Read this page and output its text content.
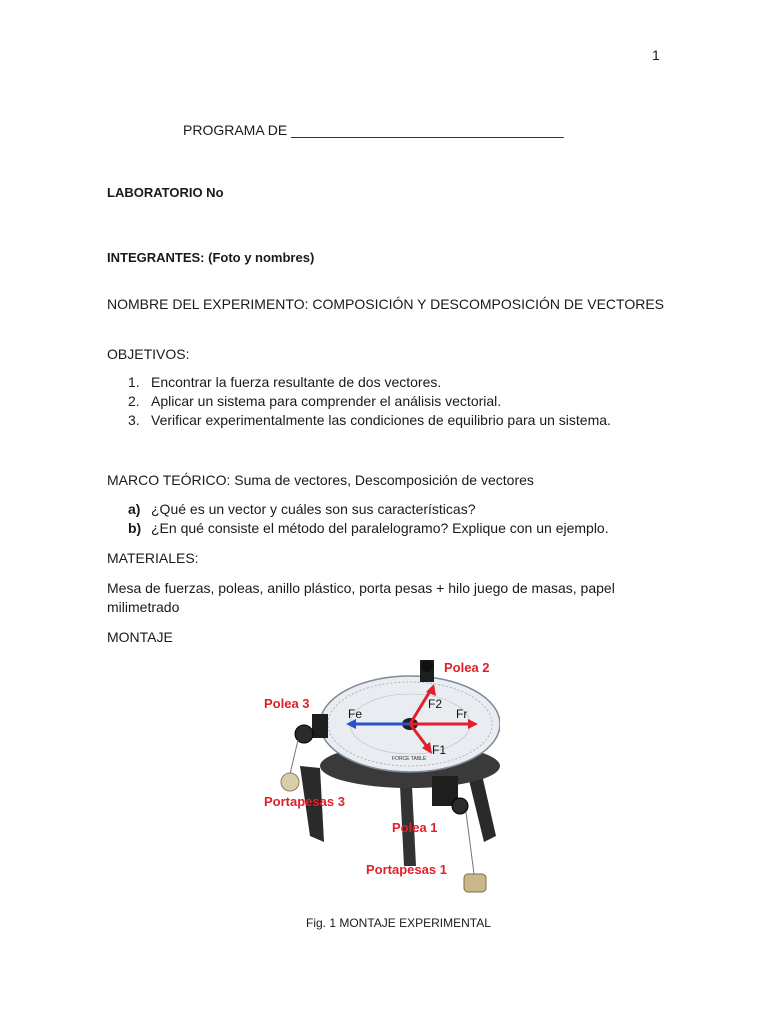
1
PROGRAMA DE ___________________________________
LABORATORIO No
INTEGRANTES: (Foto y nombres)
NOMBRE DEL EXPERIMENTO: COMPOSICIÓN Y DESCOMPOSICIÓN DE VECTORES
OBJETIVOS:
1. Encontrar la fuerza resultante de dos vectores.
2. Aplicar un sistema para comprender el análisis vectorial.
3. Verificar experimentalmente las condiciones de equilibrio para un sistema.
MARCO TEÓRICO: Suma de vectores, Descomposición de vectores
a) ¿Qué es un vector y cuáles son sus características?
b) ¿En qué consiste el método del paralelogramo? Explique con un ejemplo.
MATERIALES:
Mesa de fuerzas, poleas, anillo plástico, porta pesas + hilo juego de masas, papel milimetrado
MONTAJE
FORCE TABLE
F2
Fe	Fr
F1
Polea 2
Polea 3
Portapesas 3
Polea 1
Portapesas 1
Fig. 1 MONTAJE EXPERIMENTAL
